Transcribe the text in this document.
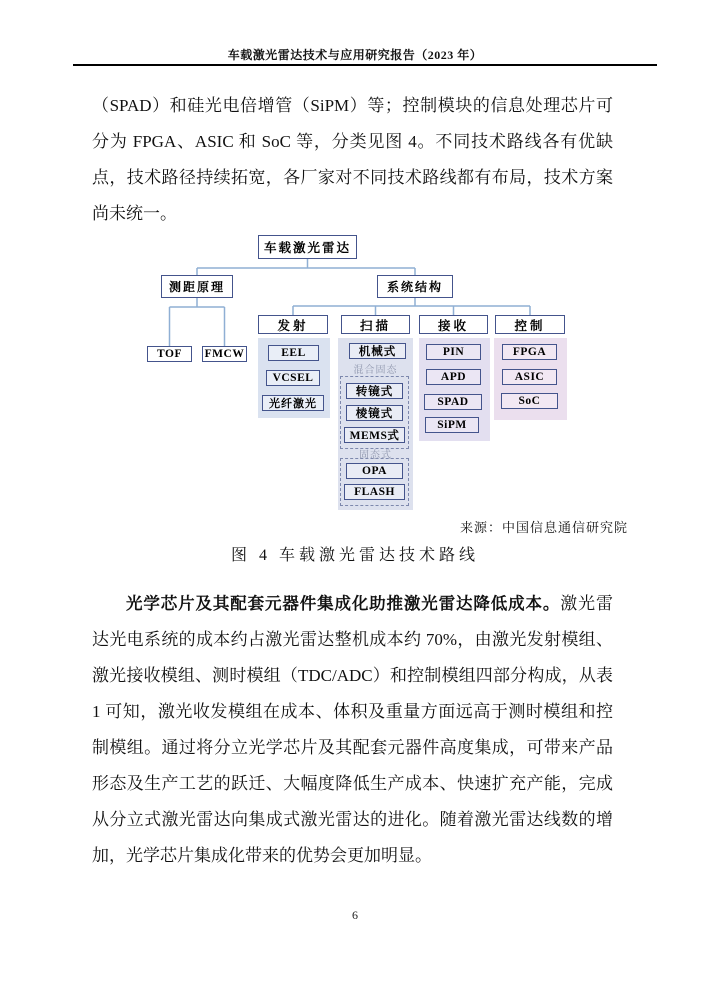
车载激光雷达技术与应用研究报告（2023 年）
（SPAD）和硅光电倍增管（SiPM）等；控制模块的信息处理芯片可
分为 FPGA、ASIC 和 SoC 等，分类见图 4。不同技术路线各有优缺
点，技术路径持续拓宽，各厂家对不同技术路线都有布局，技术方案
尚未统一。
车载激光雷达
测距原理	系统结构
TOF	FMCW
发射	扫描	接收	控制
EEL
VCSEL
光纤激光
机械式
混合固态
转镜式
棱镜式
MEMS式
固态式
OPA
FLASH
PIN
APD
SPAD
SiPM
FPGA
ASIC
SoC
来源：中国信息通信研究院
图 4 车载激光雷达技术路线
光学芯片及其配套元器件集成化助推激光雷达降低成本。激光雷
达光电系统的成本约占激光雷达整机成本约 70%，由激光发射模组、
激光接收模组、测时模组（TDC/ADC）和控制模组四部分构成，从表
1 可知，激光收发模组在成本、体积及重量方面远高于测时模组和控
制模组。通过将分立光学芯片及其配套元器件高度集成，可带来产品
形态及生产工艺的跃迁、大幅度降低生产成本、快速扩充产能，完成
从分立式激光雷达向集成式激光雷达的进化。随着激光雷达线数的增
加，光学芯片集成化带来的优势会更加明显。
6
